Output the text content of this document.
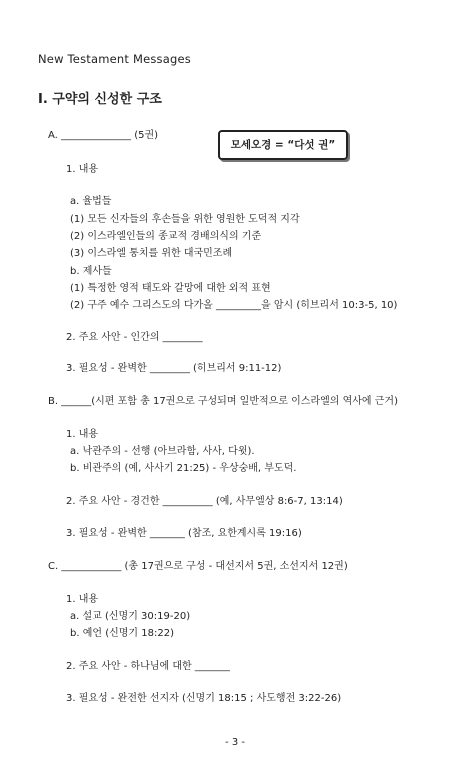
New Testament Messages
I. 구약의 신성한 구조
A. ______________ (5권)
모세오경 = “다섯 권”
1. 내용
a. 율법들
(1) 모든 신자들의 후손들을 위한 영원한 도덕적 지각
(2) 이스라엘인들의 종교적 경배의식의 기준
(3) 이스라엘 통치를 위한 대국민조례
b. 제사들
(1) 특정한 영적 태도와 갈망에 대한 외적 표현
(2) 구주 예수 그리스도의 다가올 _________을 암시 (히브리서 10:3-5, 10)
2. 주요 사안 - 인간의 ________
3. 필요성 - 완벽한 ________ (히브리서 9:11-12)
B. ______(시편 포함 총 17권으로 구성되며 일반적으로 이스라엘의 역사에 근거)
1. 내용
a. 낙관주의 - 선행 (아브라함, 사사, 다윗).
b. 비관주의 (예, 사사기 21:25) - 우상숭배, 부도덕.
2. 주요 사안 - 경건한 __________ (예, 사무엘상 8:6-7, 13:14)
3. 필요성 - 완벽한 _______ (참조, 요한계시록 19:16)
C. ____________ (총 17권으로 구성 - 대선지서 5권, 소선지서 12권)
1. 내용
a. 설교 (신명기 30:19-20)
b. 예언 (신명기 18:22)
2. 주요 사안 - 하나님에 대한 _______
3. 필요성 - 완전한 선지자 (신명기 18:15 ; 사도행전 3:22-26)
- 3 -
